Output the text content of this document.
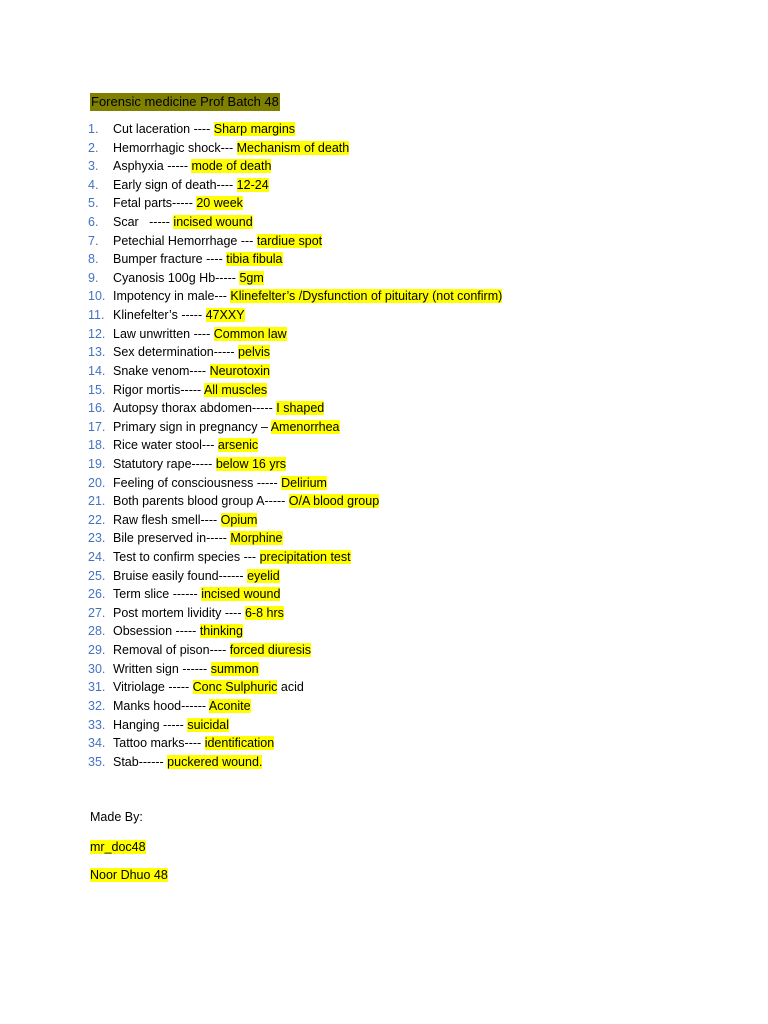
Forensic medicine Prof Batch 48
1.	Cut laceration ---- Sharp margins
2.	Hemorrhagic shock--- Mechanism of death
3.	Asphyxia ----- mode of death
4.	Early sign of death---- 12-24
5.	Fetal parts----- 20 week
6.	Scar   ----- incised wound
7.	Petechial Hemorrhage --- tardiue spot
8.	Bumper fracture ---- tibia fibula
9.	Cyanosis 100g Hb----- 5gm
10. Impotency in male--- Klinefelter’s /Dysfunction of pituitary (not confirm)
11. Klinefelter’s ----- 47XXY
12. Law unwritten ---- Common law
13. Sex determination----- pelvis
14. Snake venom---- Neurotoxin
15. Rigor mortis----- All muscles
16. Autopsy thorax abdomen----- I shaped
17. Primary sign in pregnancy – Amenorrhea
18. Rice water stool--- arsenic
19. Statutory rape----- below 16 yrs
20. Feeling of consciousness ----- Delirium
21. Both parents blood group A----- O/A blood group
22. Raw flesh smell---- Opium
23. Bile preserved in----- Morphine
24. Test to confirm species --- precipitation test
25. Bruise easily found------ eyelid
26. Term slice ------ incised wound
27. Post mortem lividity ---- 6-8 hrs
28. Obsession ----- thinking
29. Removal of pison---- forced diuresis
30. Written sign ------ summon
31. Vitriolage ----- Conc Sulphuric acid
32. Manks hood------ Aconite
33. Hanging ----- suicidal
34. Tattoo marks---- identification
35. Stab------ puckered wound.
Made By:
mr_doc48
Noor Dhuo 48
